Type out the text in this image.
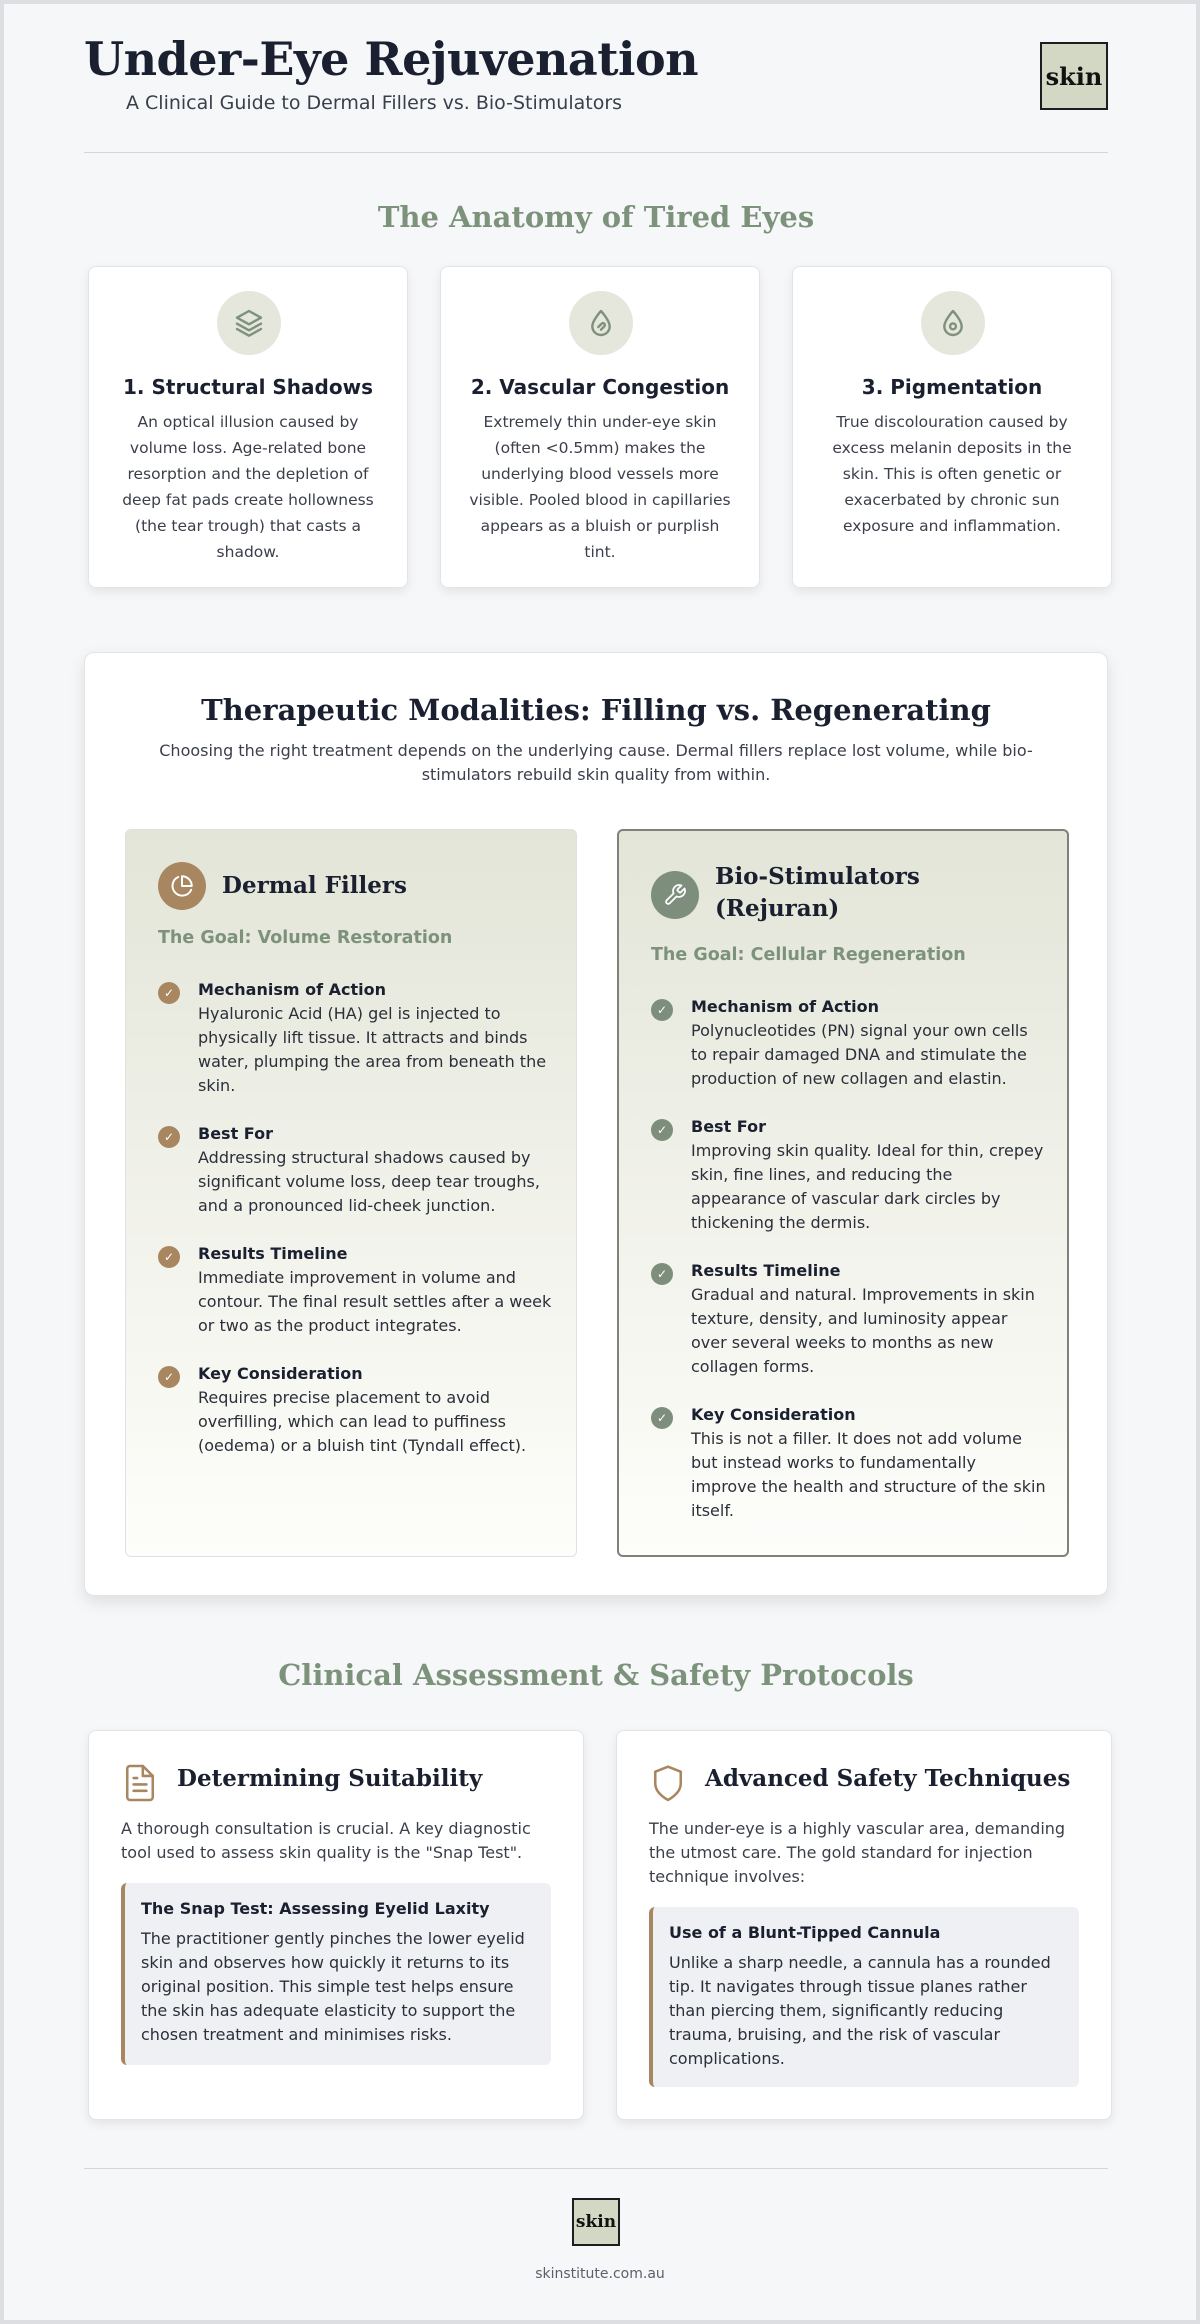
Under-Eye Rejuvenation
A Clinical Guide to Dermal Fillers vs. Bio-Stimulators
skin
The Anatomy of Tired Eyes
1. Structural Shadows

An optical illusion caused by volume loss. Age-related bone resorption and the depletion of deep fat pads create hollowness (the tear trough) that casts a shadow.

2. Vascular Congestion

Extremely thin under-eye skin (often <0.5mm) makes the underlying blood vessels more visible. Pooled blood in capillaries appears as a bluish or purplish tint.

3. Pigmentation

True discolouration caused by excess melanin deposits in the skin. This is often genetic or exacerbated by chronic sun exposure and inflammation.

Therapeutic Modalities: Filling vs. Regenerating
Choosing the right treatment depends on the underlying cause. Dermal fillers replace lost volume, while bio-stimulators rebuild skin quality from within.
Dermal Fillers
The Goal: Volume Restoration
✓	Mechanism of Action
Hyaluronic Acid (HA) gel is injected to physically lift tissue. It attracts and binds water, plumping the area from beneath the skin.
✓	Best For
Addressing structural shadows caused by significant volume loss, deep tear troughs, and a pronounced lid-cheek junction.
✓	Results Timeline
Immediate improvement in volume and contour. The final result settles after a week or two as the product integrates.
✓	Key Consideration
Requires precise placement to avoid overfilling, which can lead to puffiness (oedema) or a bluish tint (Tyndall effect).
Bio-Stimulators
(Rejuran)
The Goal: Cellular Regeneration
✓	Mechanism of Action
Polynucleotides (PN) signal your own cells to repair damaged DNA and stimulate the production of new collagen and elastin.
✓	Best For
Improving skin quality. Ideal for thin, crepey skin, fine lines, and reducing the appearance of vascular dark circles by thickening the dermis.
✓	Results Timeline
Gradual and natural. Improvements in skin texture, density, and luminosity appear over several weeks to months as new collagen forms.
✓	Key Consideration
This is not a filler. It does not add volume but instead works to fundamentally improve the health and structure of the skin itself.
Clinical Assessment & Safety Protocols
Determining Suitability
A thorough consultation is crucial. A key diagnostic tool used to assess skin quality is the "Snap Test".
The Snap Test: Assessing Eyelid Laxity
The practitioner gently pinches the lower eyelid skin and observes how quickly it returns to its original position. This simple test helps ensure the skin has adequate elasticity to support the chosen treatment and minimises risks.
Advanced Safety Techniques
The under-eye is a highly vascular area, demanding the utmost care. The gold standard for injection technique involves:
Use of a Blunt-Tipped Cannula
Unlike a sharp needle, a cannula has a rounded tip. It navigates through tissue planes rather than piercing them, significantly reducing trauma, bruising, and the risk of vascular complications.
skin
skinstitute.com.au
